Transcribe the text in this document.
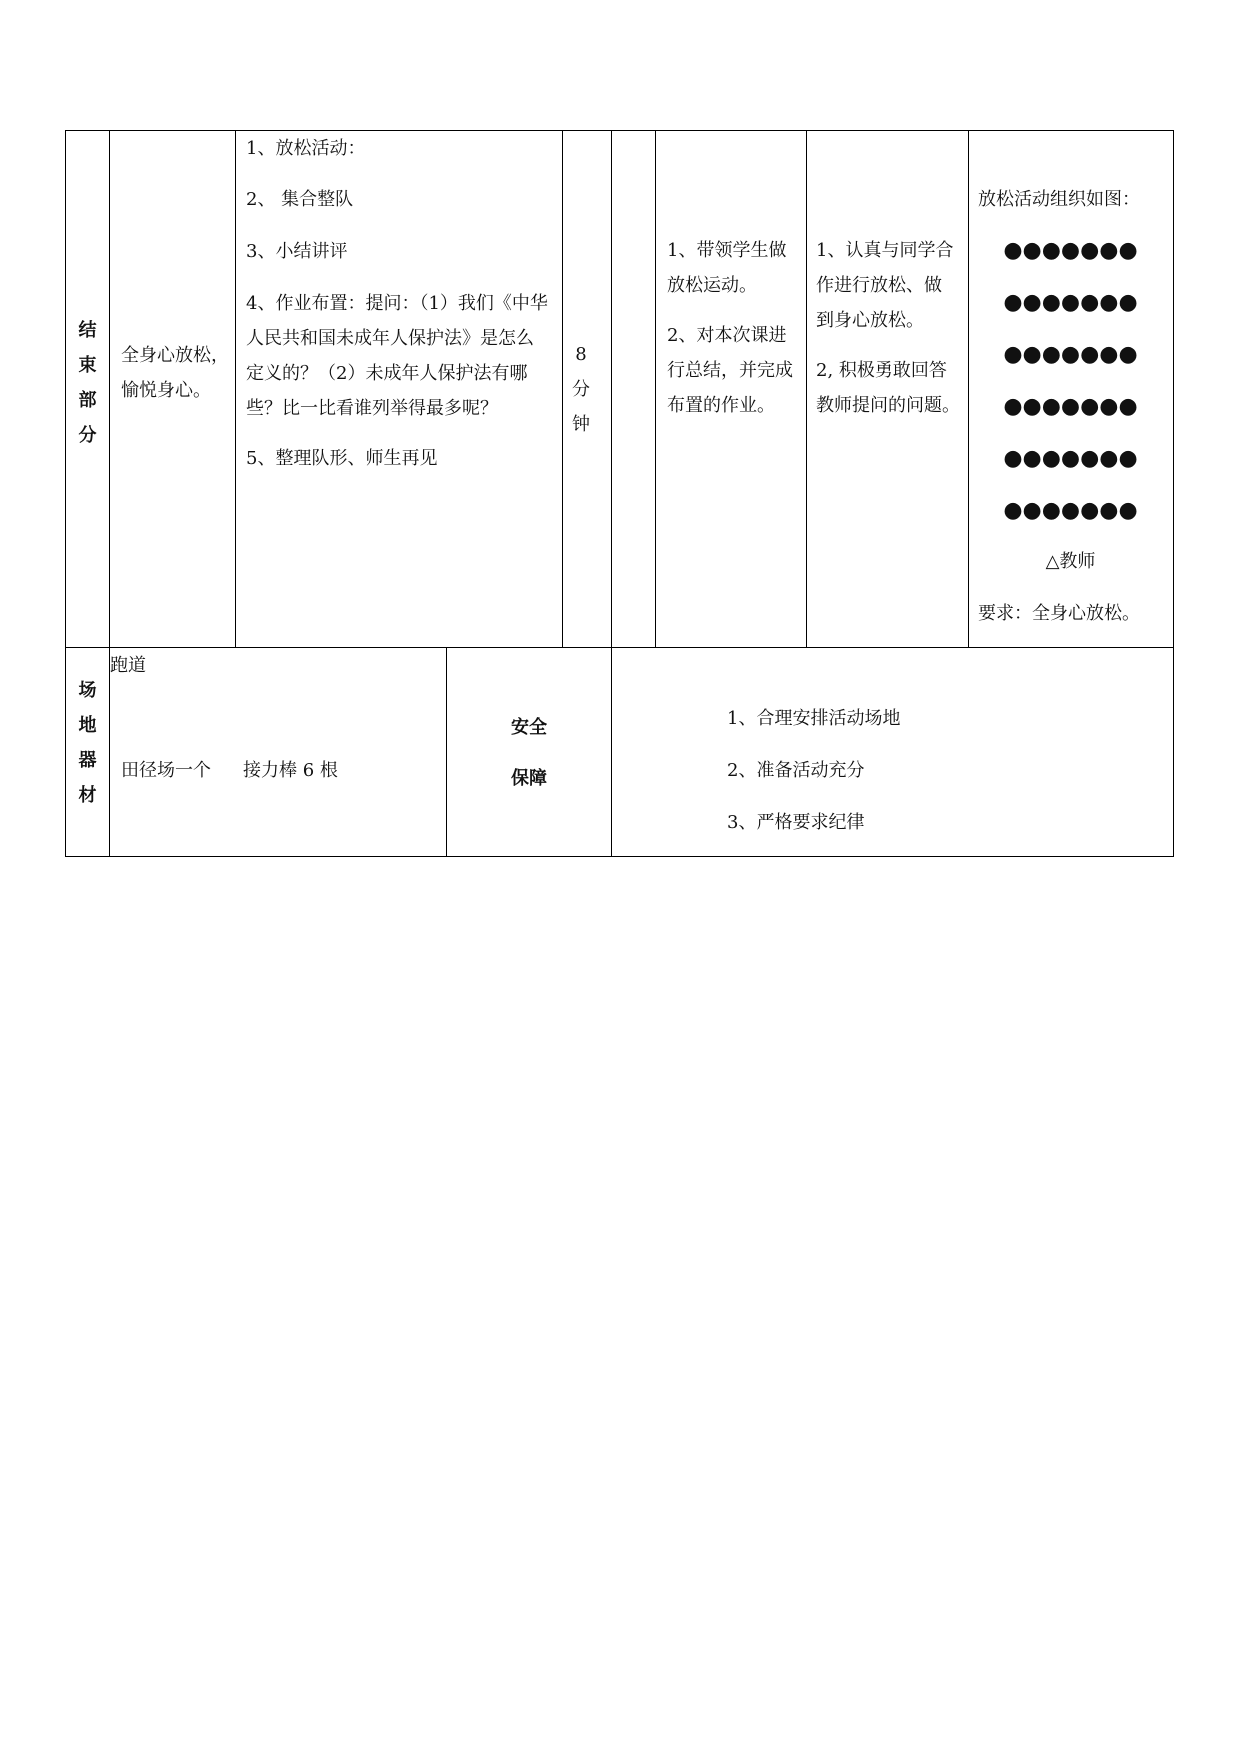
结
束
部
分
全身心放松，
愉悦身心。
1、放松活动：
2、 集合整队
3、小结讲评
4、作业布置：提问：（1）我们《中华
人民共和国未成年人保护法》是怎么
定义的？（2）未成年人保护法有哪
些？比一比看谁列举得最多呢？
5、整理队形、师生再见
8
分
钟
1、带领学生做
放松运动。
2、对本次课进
行总结，并完成
布置的作业。
1、认真与同学合
作进行放松、做
到身心放松。
2, 积极勇敢回答
教师提问的问题。
放松活动组织如图：
●●●●●●●
●●●●●●●
●●●●●●●
●●●●●●●
●●●●●●●
●●●●●●●
△教师
要求：全身心放松。
场
地
器
材
跑道
田径场一个 接力棒 6 根
安全
保障
1、合理安排活动场地
2、准备活动充分
3、严格要求纪律
